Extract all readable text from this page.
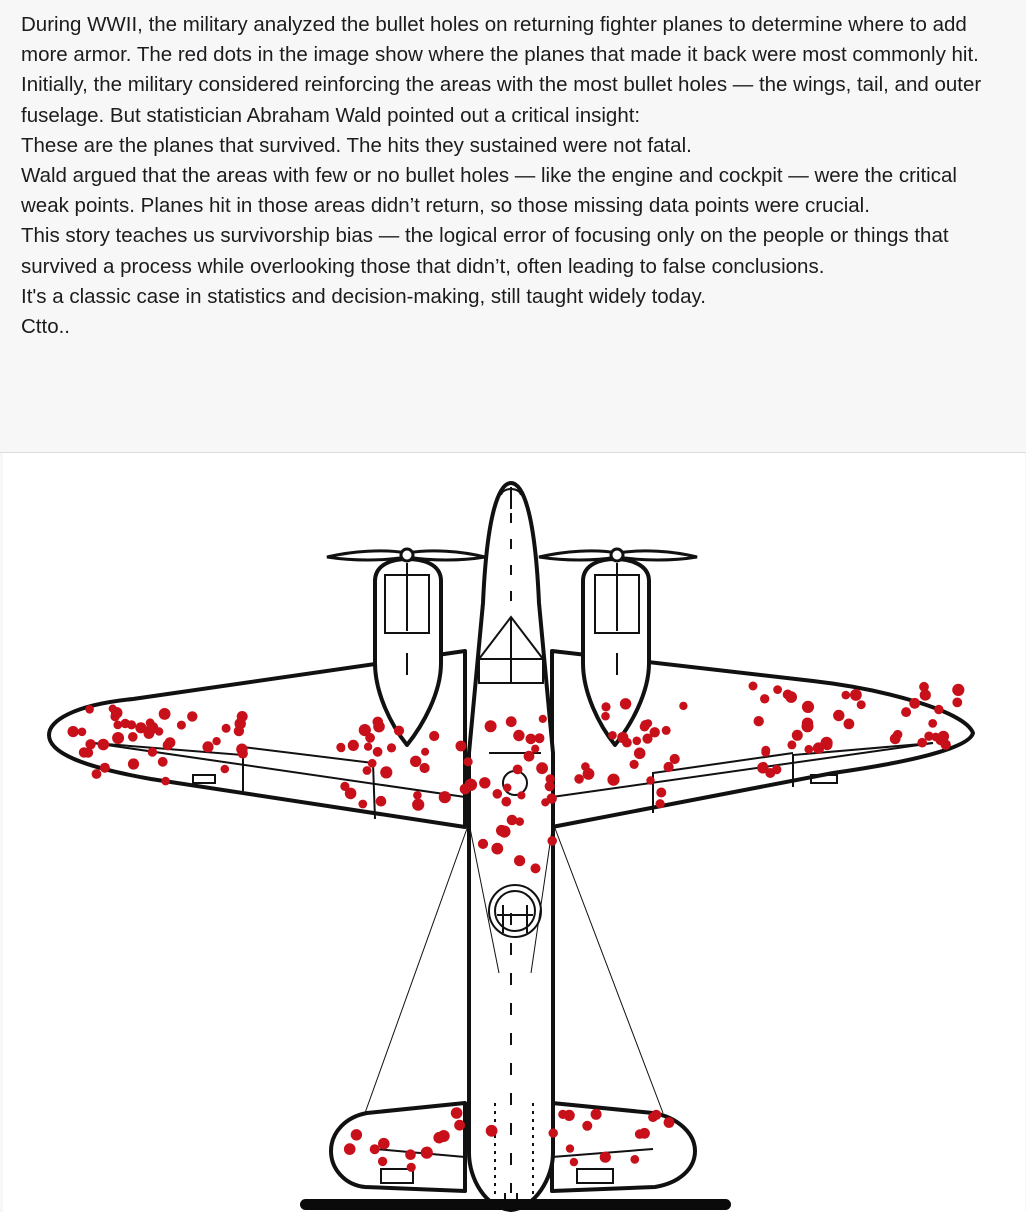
During WWII, the military analyzed the bullet holes on returning fighter planes to determine where to add more armor. The red dots in the image show where the planes that made it back were most commonly hit.

Initially, the military considered reinforcing the areas with the most bullet holes — the wings, tail, and outer fuselage. But statistician Abraham Wald pointed out a critical insight:

These are the planes that survived. The hits they sustained were not fatal.

Wald argued that the areas with few or no bullet holes — like the engine and cockpit — were the critical weak points. Planes hit in those areas didn’t return, so those missing data points were crucial.

This story teaches us survivorship bias — the logical error of focusing only on the people or things that survived a process while overlooking those that didn’t, often leading to false conclusions.

It's a classic case in statistics and decision-making, still taught widely today.

Ctto..
